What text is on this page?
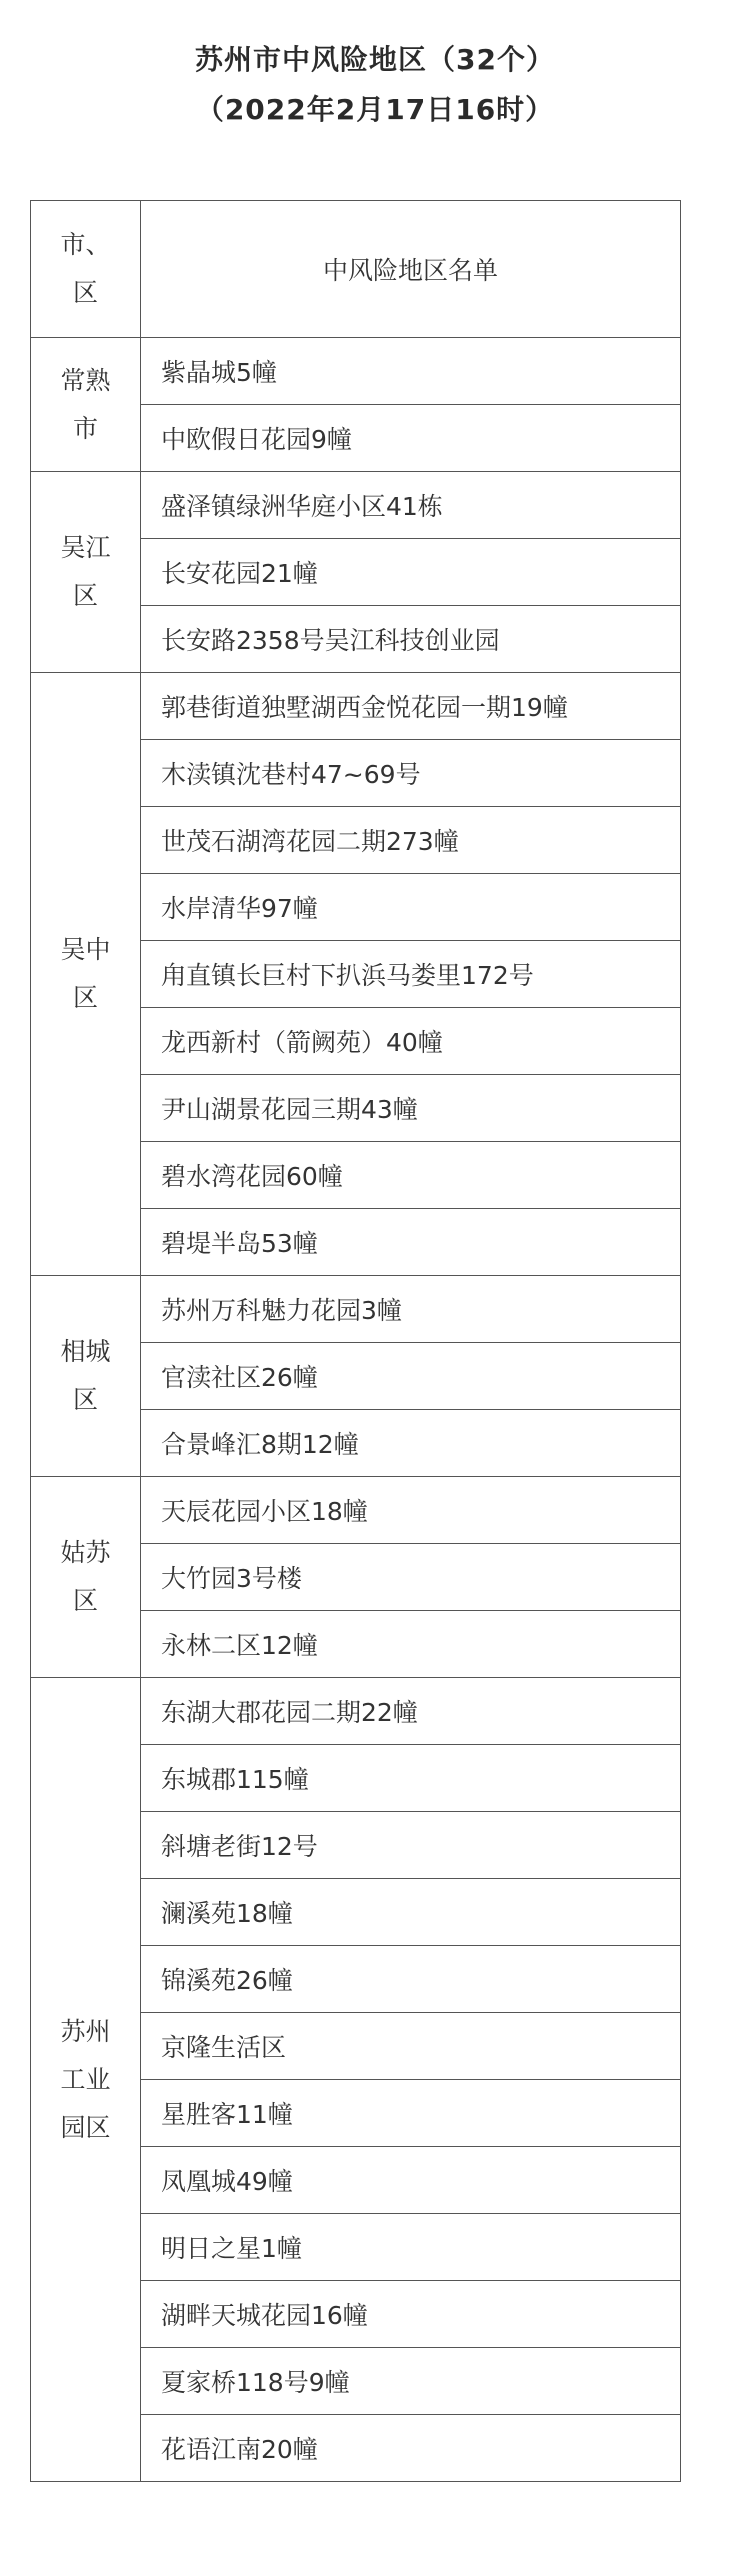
苏州市中风险地区（32个）
（2022年2月17日16时）
市、区	中风险地区名单
常熟市	紫晶城5幢
	中欧假日花园9幢
吴江区	盛泽镇绿洲华庭小区41栋
	长安花园21幢
	长安路2358号吴江科技创业园
吴中区	郭巷街道独墅湖西金悦花园一期19幢
	木渎镇沈巷村47~69号
	世茂石湖湾花园二期273幢
	水岸清华97幢
	甪直镇长巨村下扒浜马娄里172号
	龙西新村（箭阙苑）40幢
	尹山湖景花园三期43幢
	碧水湾花园60幢
	碧堤半岛53幢
相城区	苏州万科魅力花园3幢
	官渎社区26幢
	合景峰汇8期12幢
姑苏区	天辰花园小区18幢
	大竹园3号楼
	永林二区12幢
苏州工业园区	东湖大郡花园二期22幢
	东城郡115幢
	斜塘老街12号
	澜溪苑18幢
	锦溪苑26幢
	京隆生活区
	星胜客11幢
	凤凰城49幢
	明日之星1幢
	湖畔天城花园16幢
	夏家桥118号9幢
	花语江南20幢
